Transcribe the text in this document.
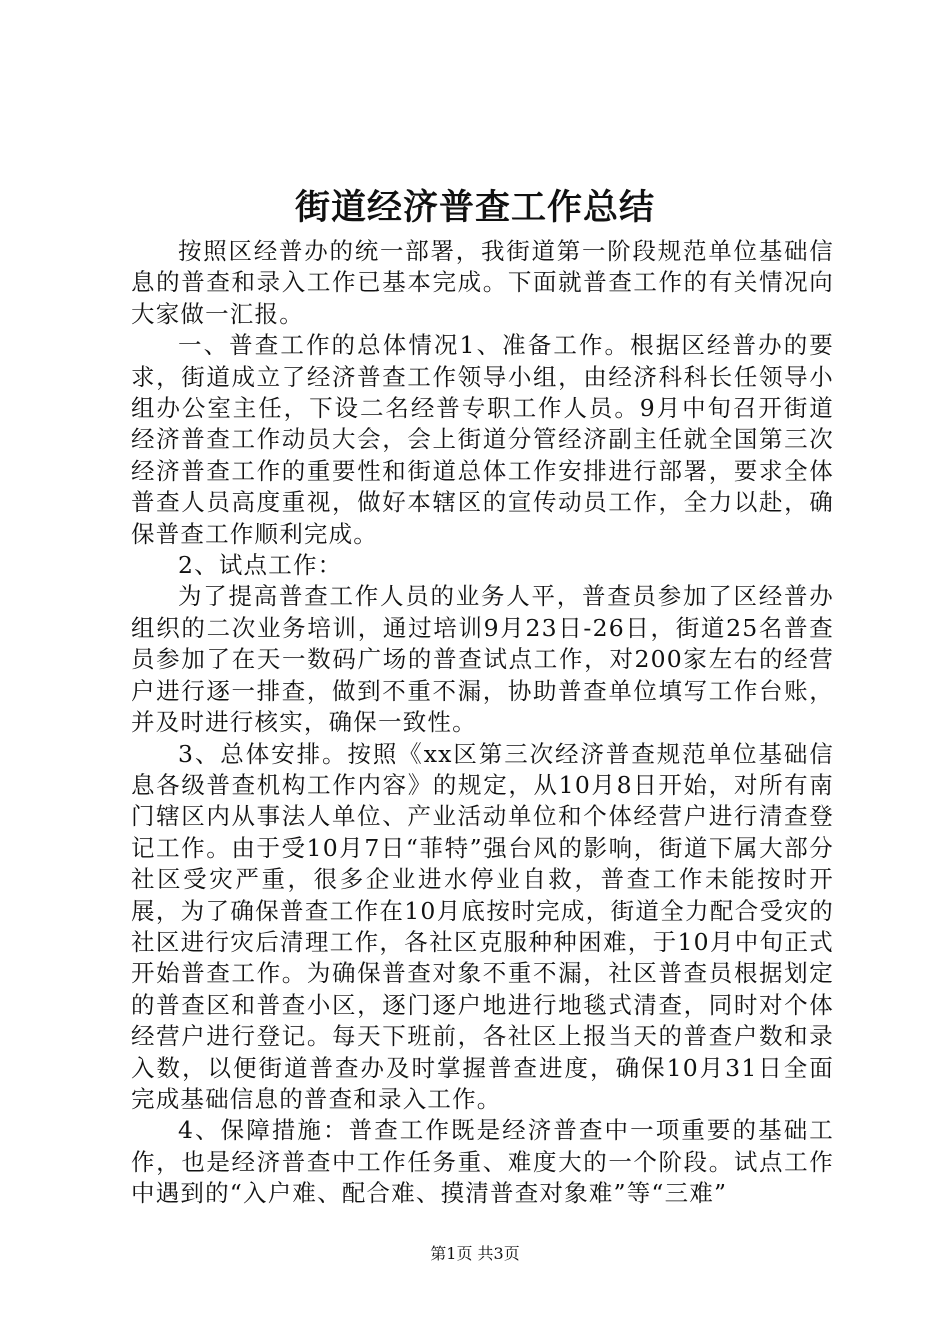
街道经济普查工作总结

按照区经普办的统一部署，我街道第一阶段规范单位基础信息的普查和录入工作已基本完成。下面就普查工作的有关情况向大家做一汇报。

一、普查工作的总体情况1、准备工作。根据区经普办的要求，街道成立了经济普查工作领导小组，由经济科科长任领导小组办公室主任，下设二名经普专职工作人员。9月中旬召开街道经济普查工作动员大会，会上街道分管经济副主任就全国第三次经济普查工作的重要性和街道总体工作安排进行部署，要求全体普查人员高度重视，做好本辖区的宣传动员工作，全力以赴，确保普查工作顺利完成。

2、试点工作：

为了提高普查工作人员的业务人平，普查员参加了区经普办组织的二次业务培训，通过培训9月23日-26日，街道25名普查员参加了在天一数码广场的普查试点工作，对200家左右的经营户进行逐一排查，做到不重不漏，协助普查单位填写工作台账，并及时进行核实，确保一致性。

3、总体安排。按照《xx区第三次经济普查规范单位基础信息各级普查机构工作内容》的规定，从10月8日开始，对所有南门辖区内从事法人单位、产业活动单位和个体经营户进行清查登记工作。由于受10月7日“菲特”强台风的影响，街道下属大部分社区受灾严重，很多企业进水停业自救，普查工作未能按时开展，为了确保普查工作在10月底按时完成，街道全力配合受灾的社区进行灾后清理工作，各社区克服种种困难，于10月中旬正式开始普查工作。为确保普查对象不重不漏，社区普查员根据划定的普查区和普查小区，逐门逐户地进行地毯式清查，同时对个体经营户进行登记。每天下班前，各社区上报当天的普查户数和录入数，以便街道普查办及时掌握普查进度，确保10月31日全面完成基础信息的普查和录入工作。

4、保障措施：普查工作既是经济普查中一项重要的基础工作，也是经济普查中工作任务重、难度大的一个阶段。试点工作中遇到的“入户难、配合难、摸清普查对象难”等“三难”

第1页 共3页
